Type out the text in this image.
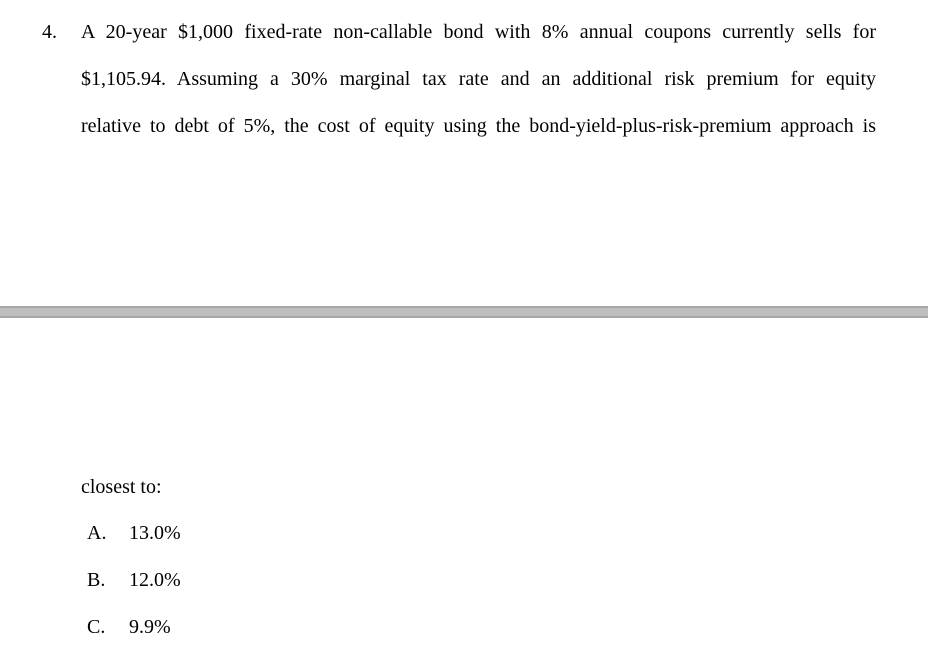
4. A 20-year $1,000 fixed-rate non-callable bond with 8% annual coupons currently sells for
$1,105.94. Assuming a 30% marginal tax rate and an additional risk premium for equity
relative to debt of 5%, the cost of equity using the bond-yield-plus-risk-premium approach is
closest to:
A. 13.0%
B. 12.0%
C. 9.9%
